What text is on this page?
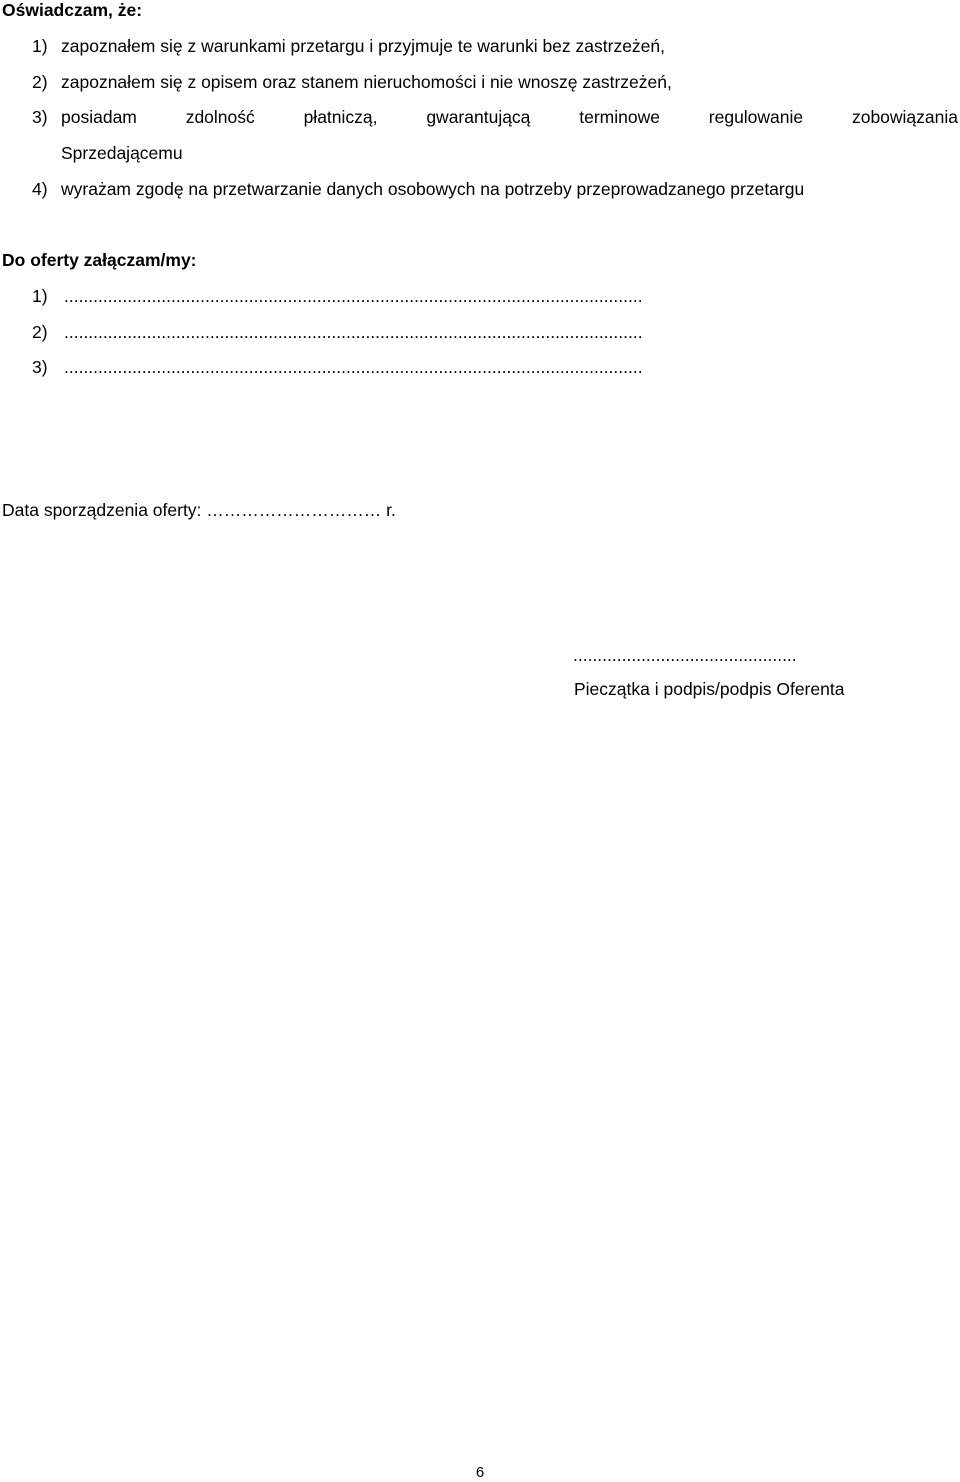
Oświadczam, że:
1) zapoznałem się z warunkami przetargu i przyjmuje te warunki bez zastrzeżeń,
2) zapoznałem się z opisem oraz stanem nieruchomości i nie wnoszę zastrzeżeń,
3) posiadam zdolność płatniczą, gwarantującą terminowe regulowanie zobowiązania
Sprzedającemu
4) wyrażam zgodę na przetwarzanie danych osobowych na potrzeby przeprowadzanego przetargu
Do oferty załączam/my:
1) .......................................................................................................................
2) .......................................................................................................................
3) .......................................................................................................................
Data sporządzenia oferty: ………………………… r.
..............................................
Pieczątka i podpis/podpis Oferenta
6
